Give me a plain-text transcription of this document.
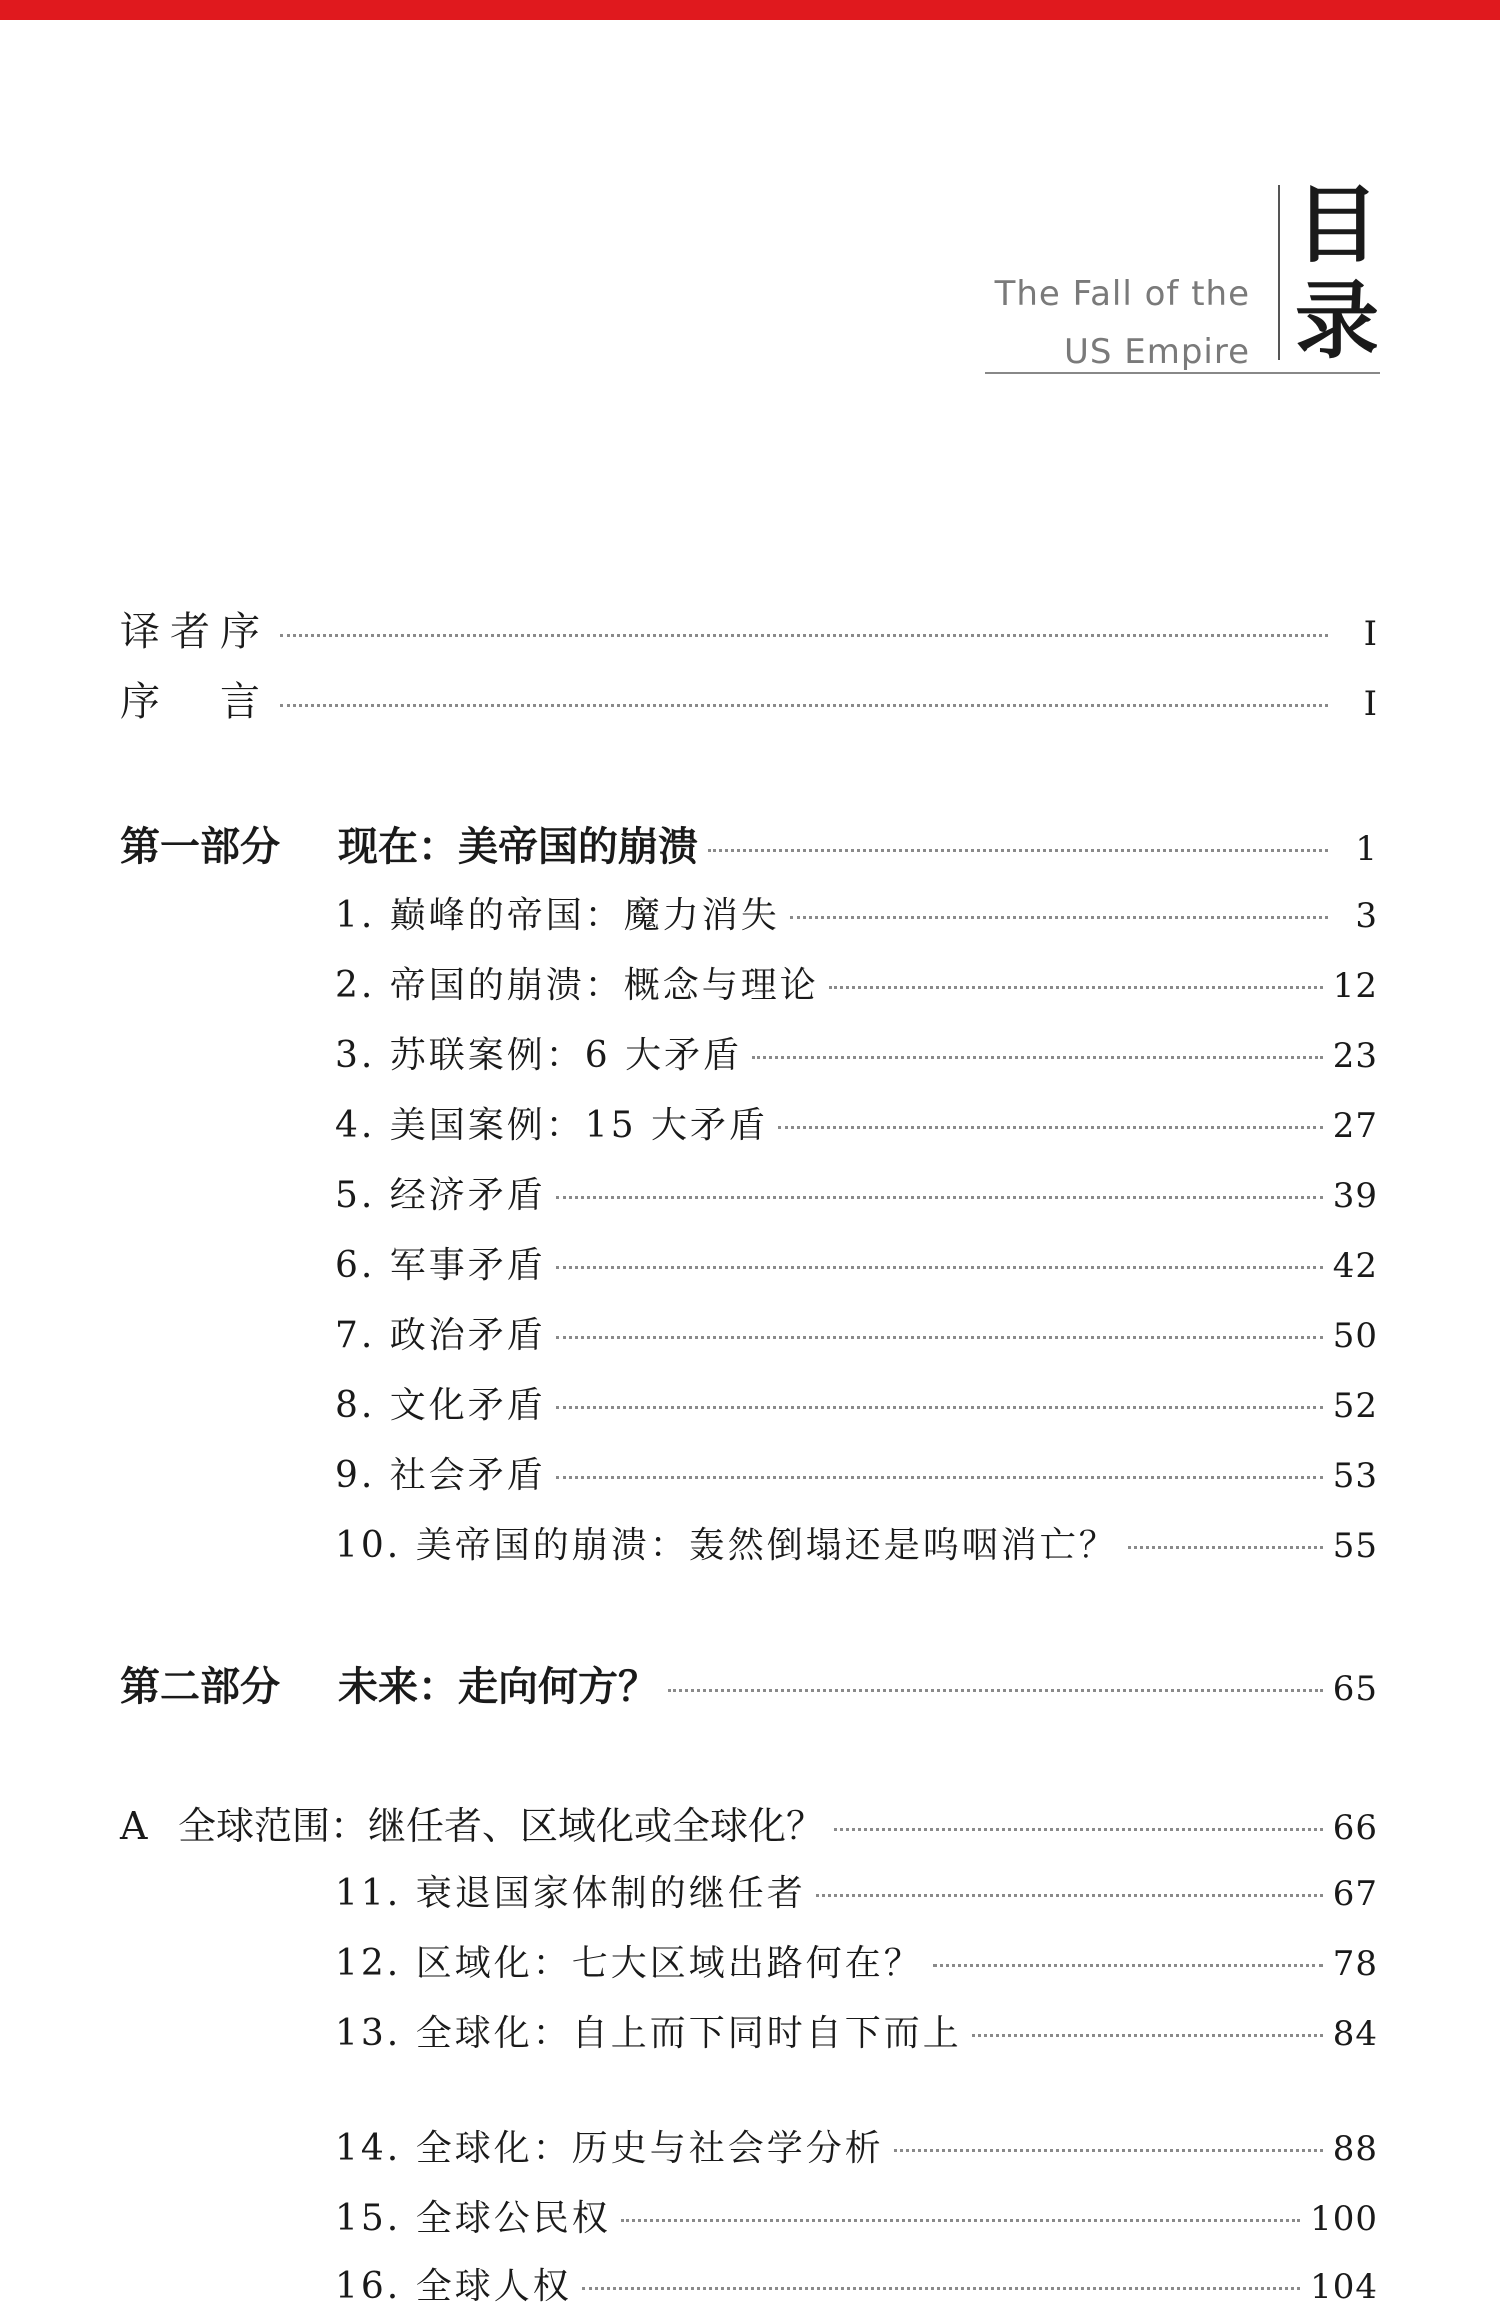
The Fall of the
US Empire
目
录
译者序	I
序　言	I
第一部分 现在：美帝国的崩溃	1
1. 巅峰的帝国：魔力消失	3
2. 帝国的崩溃：概念与理论	12
3. 苏联案例：6 大矛盾	23
4. 美国案例：15 大矛盾	27
5. 经济矛盾	39
6. 军事矛盾	42
7. 政治矛盾	50
8. 文化矛盾	52
9. 社会矛盾	53
10. 美帝国的崩溃：轰然倒塌还是呜咽消亡？	55
第二部分 未来：走向何方？	65
A 全球范围：继任者、区域化或全球化？	66
11. 衰退国家体制的继任者	67
12. 区域化：七大区域出路何在？	78
13. 全球化：自上而下同时自下而上	84
14. 全球化：历史与社会学分析	88
15. 全球公民权	100
16. 全球人权	104
